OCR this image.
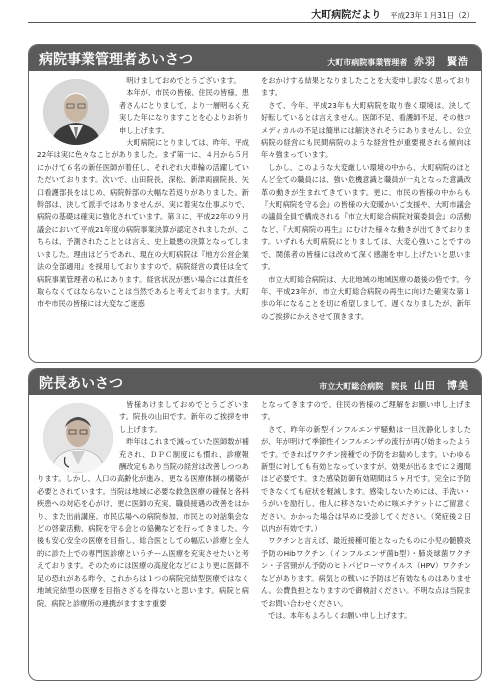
大町病院だより 平成23年１月31日（2）
病院事業管理者あいさつ	大町市病院事業管理者 赤羽　賢浩

明けましておめでとうございます。

本年が、市民の皆様、住民の皆様、患者さんにとりまして、より一層明るく充実した年になりますことを心よりお祈り申し上げます。

大町病院にとりましては、昨年、平成22年は実に色々なことがありました。まず第一に、４月から５月にかけて６名の新任医師が着任し、それぞれ大車輪の活躍していただいております。次いで、山田院長、深松、新津両副院長、矢口看護部長をはじめ、病院幹部の大幅な若返りがありました。新幹部は、決して派手ではありませんが、実に着実な仕事ぶりで、病院の基礎は確実に強化されています。第３に、平成22年の９月議会において平成21年度の病院事業決算が認定されましたが、こちらは、予測されたこととは言え、史上最悪の決算となってしまいました。理由はどうであれ、現在の大町病院は『地方公営企業法の全部適用』を採用しておりますので、病院経営の責任は全て病院事業管理者の私にあります。経営状況が悪い場合には責任を取らなくてはならないことは当然であると考えております。大町市や市民の皆様には大変なご迷惑

をおかけする結果となりましたことを大変申し訳なく思っております。

さて、今年、平成23年も大町病院を取り巻く環境は、決して好転しているとは言えません。医師不足、看護師不足、その他コメディカルの不足は簡単には解決されそうにありませんし、公立病院の経営にも民間病院のような経営性が重要視される傾向は年々強まっています。

しかし、このような大変厳しい環境の中から、大町病院のほとんど全ての職員には、強い危機意識と職員が一丸となった意識改革の動きが生まれてきています。更に、市民の皆様の中からも『大町病院を守る会』の皆様の大変暖かいご支援や、大町市議会の議員全員で構成される『市立大町総合病院対策委員会』の活動など、『大町病院の再生』にむけた様々な動きが出てきております。いずれも大町病院にとりましては、大変心強いことですので、関係者の皆様には改めて深く感謝を申し上げたいと思います。

市立大町総合病院は、大北地域の地域医療の最後の砦です。今年、平成23年が、市立大町総合病院の再生に向けた確実な第１歩の年になることを切に希望しまして、遅くなりましたが、新年のご挨拶にかえさせて頂きます。

院長あいさつ	市立大町総合病院　院長 山田　博美

皆様あけましておめでとうございます。院長の山田です。新年のご挨拶を申し上げます。

昨年はこれまで減っていた医師数が補充され、ＤＰＣ制度にも慣れ、診療報酬改定もあり当院の経営は改善しつつあります。しかし、人口の高齢化が進み、更なる医療体制の構築が必要とされています。当院は地域に必要な救急医療の確保と各科疾患への対応を心がけ、更に医師の充実、職員接遇の改善をはかり、また出前講座、市民広場への病院参加、市民との対話集会などの啓蒙活動、病院を守る会との協働などを行ってきました。今後も安心安全の医療を目指し、総合医としての幅広い診療と全人的に診た上での専門医診療というチーム医療を充実させたいと考えております。そのためには医療の高度化などにより更に医師不足の恐れがある昨今、これからは１つの病院完結型医療ではなく地域完結型の医療を目指さざるを得ないと思います。病院と病院、病院と診療所の連携がますます重要

となってきますので、住民の皆様のご理解をお願い申し上げます。

さて、昨年の新型インフルエンザ騒動は一旦沈静化しましたが、年が明けて季節性インフルエンザの流行が再び始まったようです。できればワクチン接種での予防をお勧めします。いわゆる新型に対しても有効となっていますが、効果が出るまでに２週間ほど必要です。また感染防御有効期間は５ヶ月です。完全に予防できなくても症状を軽減します。感染しないためには、手洗い・うがいを励行し、他人に移さないために咳エチケットにご留意ください。かかった場合は早めに受診してください。（発症後２日以内が有効です。）

ワクチンと言えば、最近接種可能となったものに小児の髄膜炎予防のHibワクチン（インフルエンザ菌b型）・肺炎球菌ワクチン・子宮頸がん予防のヒトパピローマウイルス（HPV）ワクチンなどがあります。病気との戦いに予防はど有効なものはありません。公費負担となりますので御検討ください。不明な点は当院までお問い合わせください。

では、本年もよろしくお願い申し上げます。
